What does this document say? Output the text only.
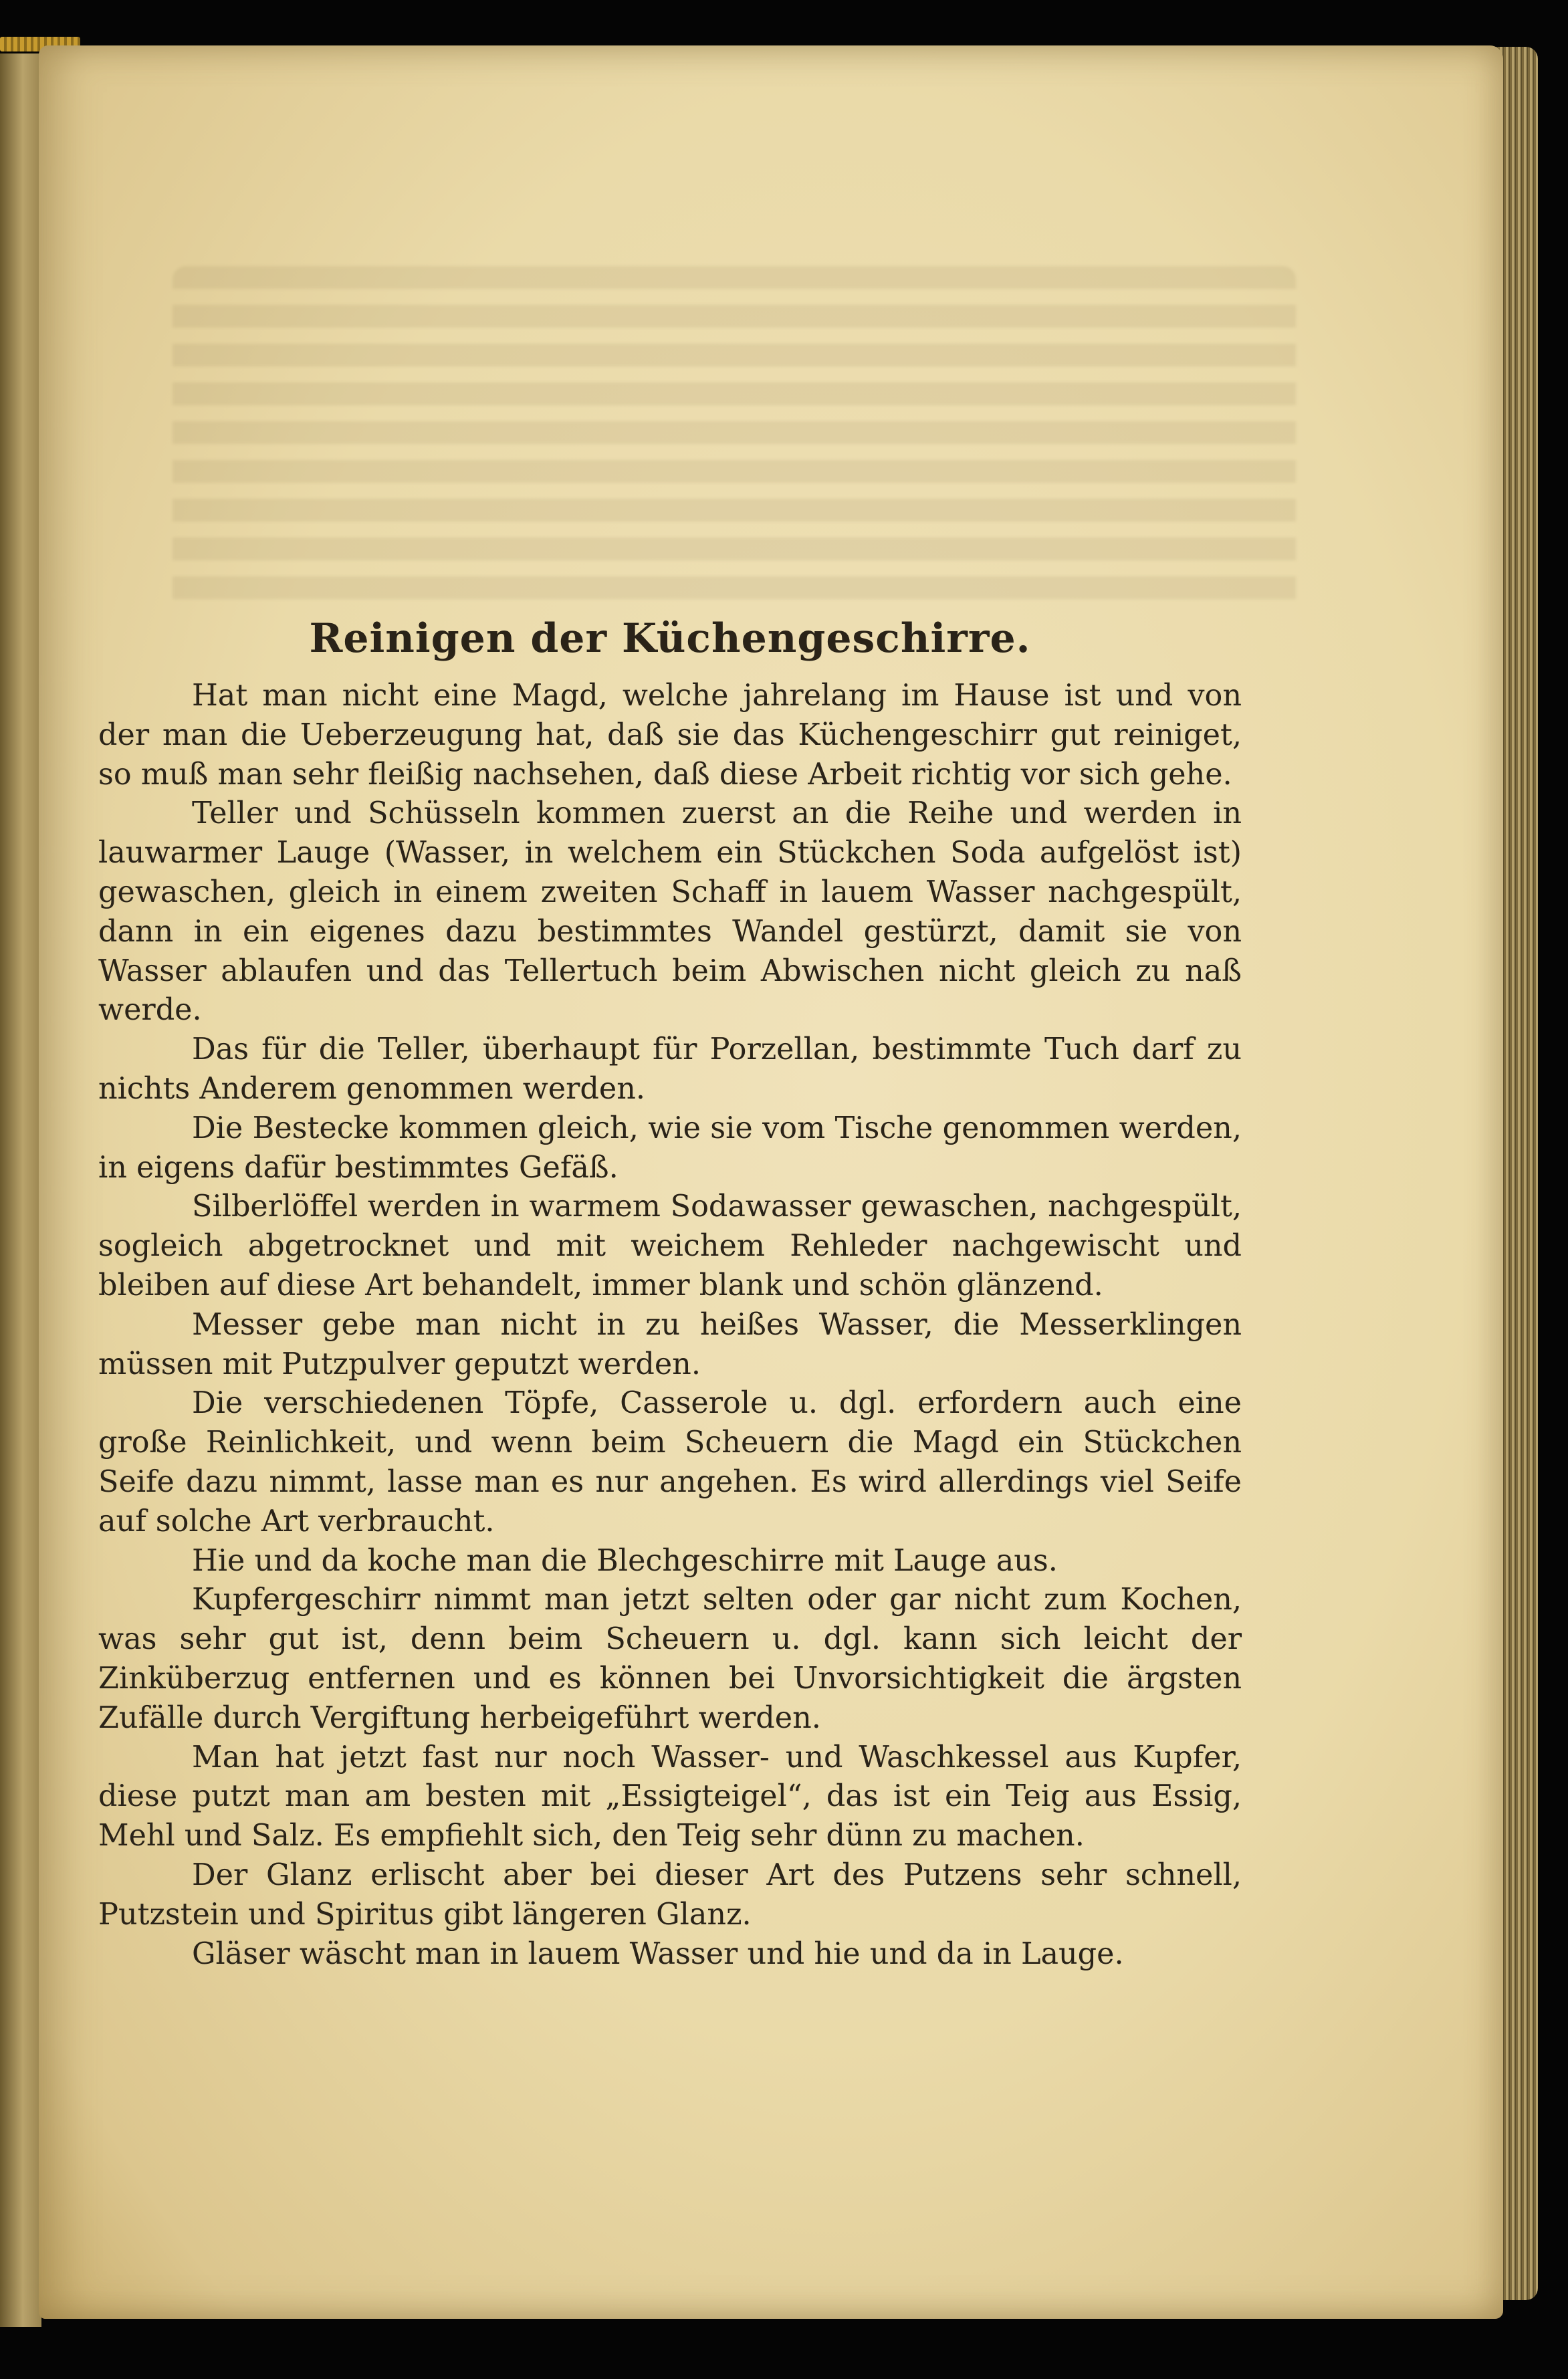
Reinigen der Küchengeschirre.

Hat man nicht eine Magd, welche jahrelang im Hause ist und von der man die Ueberzeugung hat, daß sie das Küchengeschirr gut reiniget, so muß man sehr fleißig nachsehen, daß diese Arbeit richtig vor sich gehe.

Teller und Schüsseln kommen zuerst an die Reihe und werden in lauwarmer Lauge (Wasser, in welchem ein Stückchen Soda aufgelöst ist) gewaschen, gleich in einem zweiten Schaff in lauem Wasser nachgespült, dann in ein eigenes dazu bestimmtes Wandel gestürzt, damit sie von Wasser ablaufen und das Tellertuch beim Abwischen nicht gleich zu naß werde.

Das für die Teller, überhaupt für Porzellan, bestimmte Tuch darf zu nichts Anderem genommen werden.

Die Bestecke kommen gleich, wie sie vom Tische genommen werden, in eigens dafür bestimmtes Gefäß.

Silberlöffel werden in warmem Sodawasser gewaschen, nachgespült, sogleich abgetrocknet und mit weichem Rehleder nachgewischt und bleiben auf diese Art behandelt, immer blank und schön glänzend.

Messer gebe man nicht in zu heißes Wasser, die Messerklingen müssen mit Putzpulver geputzt werden.

Die verschiedenen Töpfe, Casserole u. dgl. erfordern auch eine große Reinlichkeit, und wenn beim Scheuern die Magd ein Stückchen Seife dazu nimmt, lasse man es nur angehen. Es wird allerdings viel Seife auf solche Art verbraucht.

Hie und da koche man die Blechgeschirre mit Lauge aus.

Kupfergeschirr nimmt man jetzt selten oder gar nicht zum Kochen, was sehr gut ist, denn beim Scheuern u. dgl. kann sich leicht der Zinküberzug entfernen und es können bei Unvorsichtigkeit die ärgsten Zufälle durch Vergiftung herbeigeführt werden.

Man hat jetzt fast nur noch Wasser- und Waschkessel aus Kupfer, diese putzt man am besten mit „Essigteigel“, das ist ein Teig aus Essig, Mehl und Salz. Es empfiehlt sich, den Teig sehr dünn zu machen.

Der Glanz erlischt aber bei dieser Art des Putzens sehr schnell, Putzstein und Spiritus gibt längeren Glanz.

Gläser wäscht man in lauem Wasser und hie und da in Lauge.
